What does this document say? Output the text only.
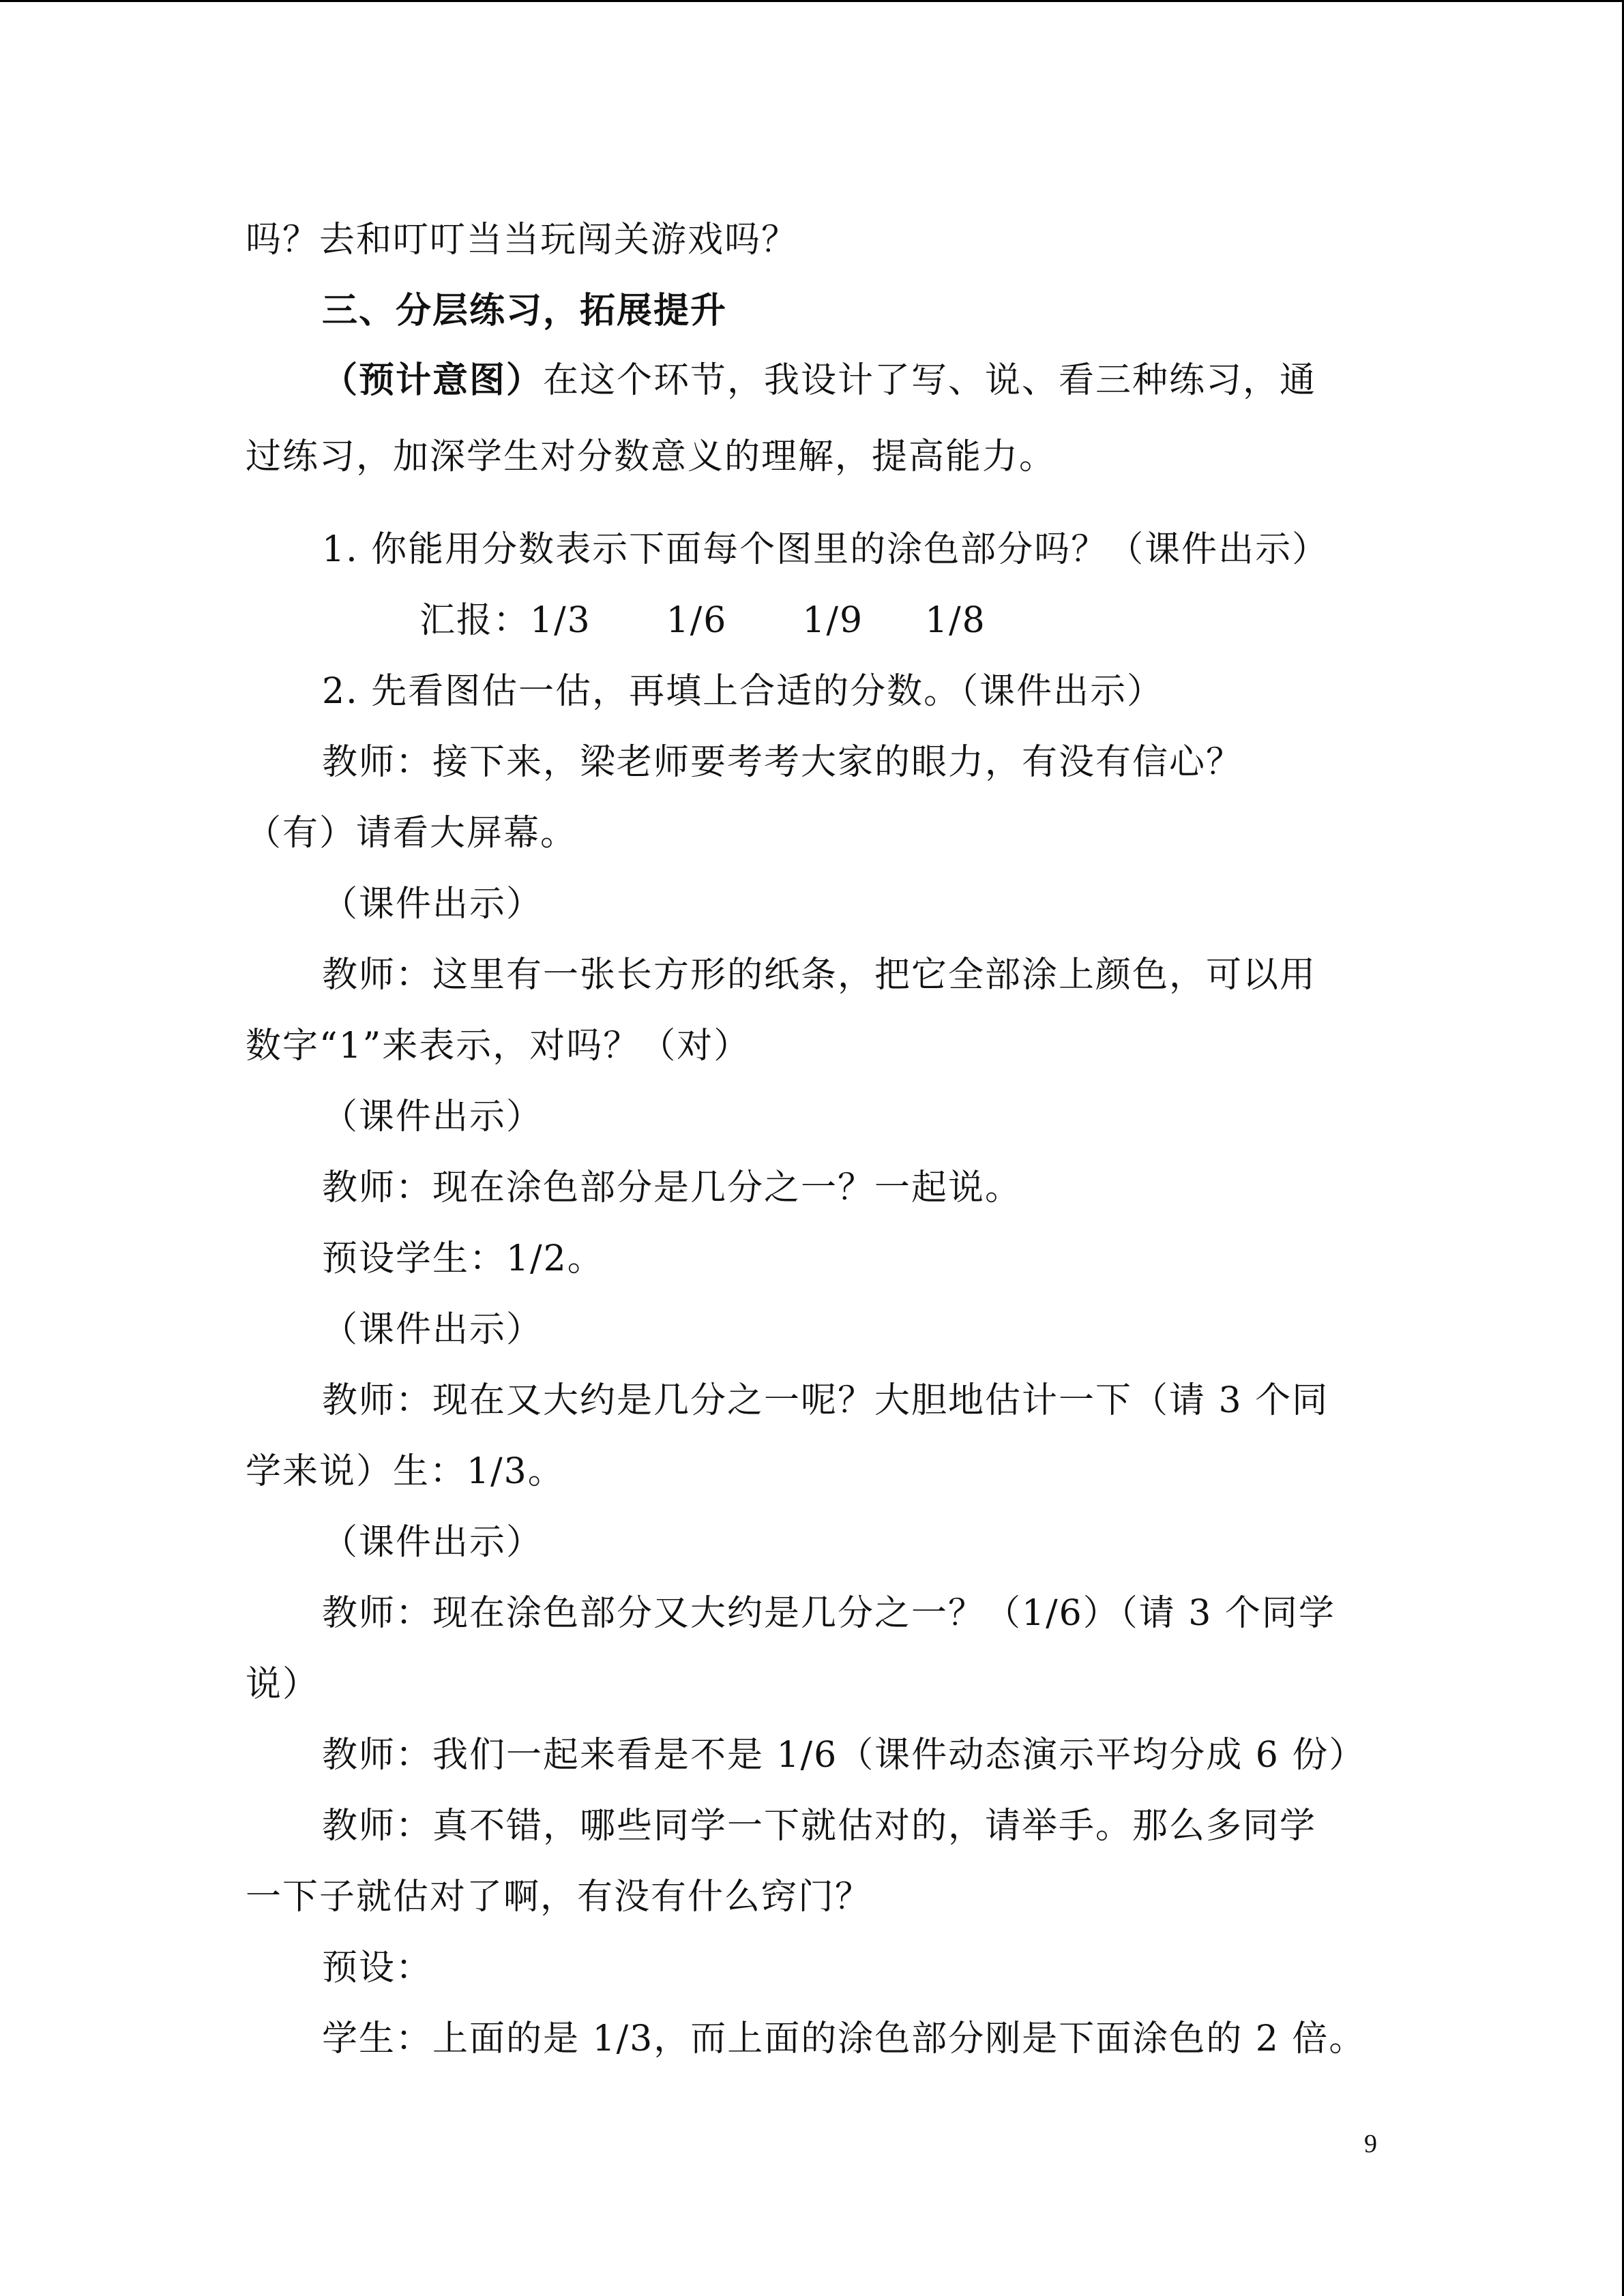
吗？去和叮叮当当玩闯关游戏吗？
三、分层练习，拓展提升
（预计意图）在这个环节，我设计了写、说、看三种练习，通
过练习，加深学生对分数意义的理解，提高能力。
1. 你能用分数表示下面每个图里的涂色部分吗？（课件出示）
汇报：1/3 1/6 1/9 1/8
2. 先看图估一估，再填上合适的分数。（课件出示）
教师：接下来，梁老师要考考大家的眼力，有没有信心？
（有）请看大屏幕。
（课件出示）
教师：这里有一张长方形的纸条，把它全部涂上颜色，可以用
数字“1”来表示，对吗？（对）
（课件出示）
教师：现在涂色部分是几分之一？一起说。
预设学生：1/2。
（课件出示）
教师：现在又大约是几分之一呢？大胆地估计一下（请 3 个同
学来说）生：1/3。
（课件出示）
教师：现在涂色部分又大约是几分之一？（1/6）（请 3 个同学
说）
教师：我们一起来看是不是 1/6（课件动态演示平均分成 6 份）
教师：真不错，哪些同学一下就估对的，请举手。那么多同学
一下子就估对了啊，有没有什么窍门？
预设：
学生：上面的是 1/3，而上面的涂色部分刚是下面涂色的 2 倍。
9
